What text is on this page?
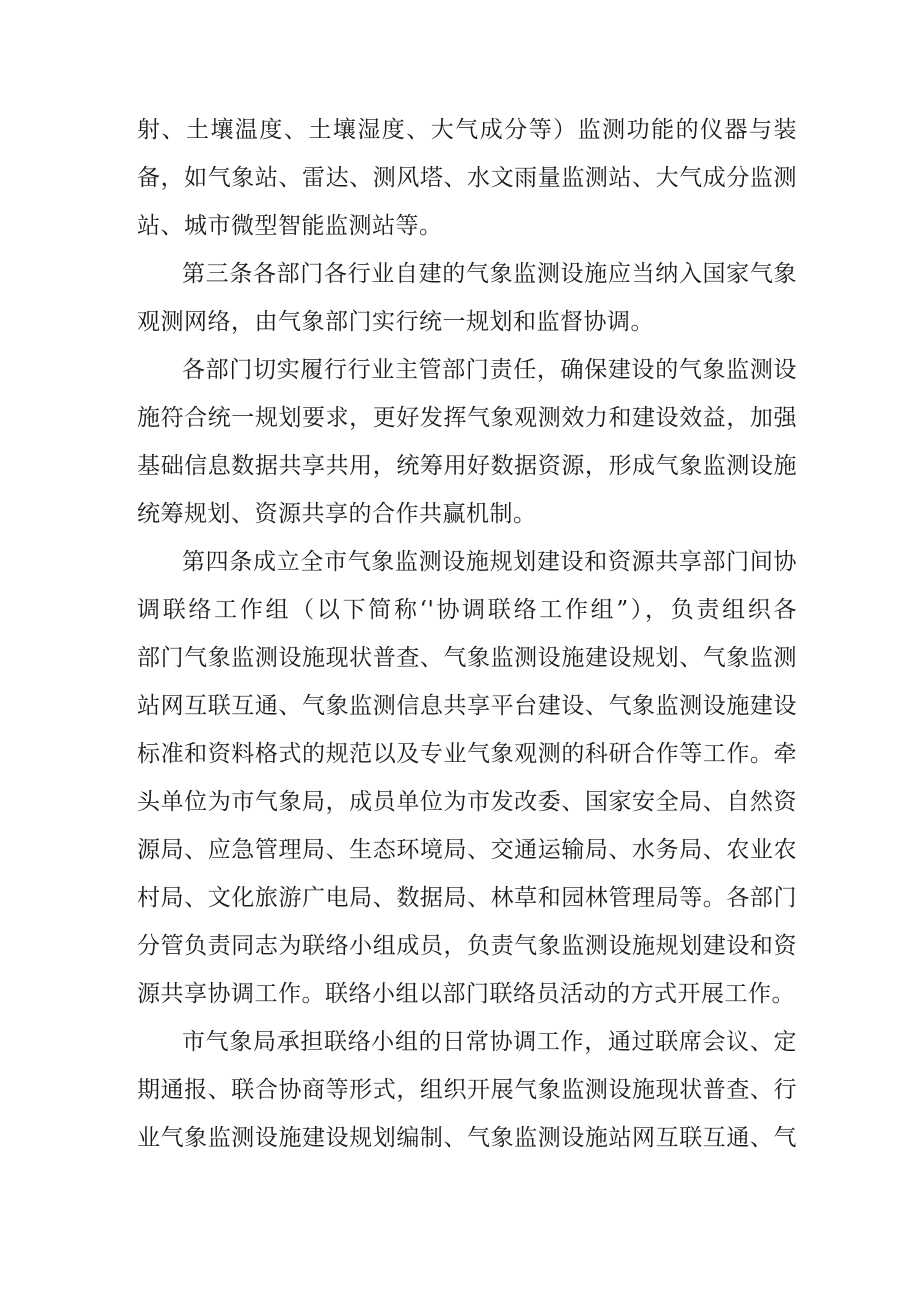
射、土壤温度、土壤湿度、大气成分等）监测功能的仪器与装
备，如气象站、雷达、测风塔、水文雨量监测站、大气成分监测
站、城市微型智能监测站等。
第三条各部门各行业自建的气象监测设施应当纳入国家气象
观测网络，由气象部门实行统一规划和监督协调。
各部门切实履行行业主管部门责任，确保建设的气象监测设
施符合统一规划要求，更好发挥气象观测效力和建设效益，加强
基础信息数据共享共用，统筹用好数据资源，形成气象监测设施
统筹规划、资源共享的合作共赢机制。
第四条成立全市气象监测设施规划建设和资源共享部门间协
调联络工作组（以下简称‘'协调联络工作组”），负责组织各
部门气象监测设施现状普查、气象监测设施建设规划、气象监测
站网互联互通、气象监测信息共享平台建设、气象监测设施建设
标准和资料格式的规范以及专业气象观测的科研合作等工作。牵
头单位为市气象局，成员单位为市发改委、国家安全局、自然资
源局、应急管理局、生态环境局、交通运输局、水务局、农业农
村局、文化旅游广电局、数据局、林草和园林管理局等。各部门
分管负责同志为联络小组成员，负责气象监测设施规划建设和资
源共享协调工作。联络小组以部门联络员活动的方式开展工作。
市气象局承担联络小组的日常协调工作，通过联席会议、定
期通报、联合协商等形式，组织开展气象监测设施现状普查、行
业气象监测设施建设规划编制、气象监测设施站网互联互通、气
